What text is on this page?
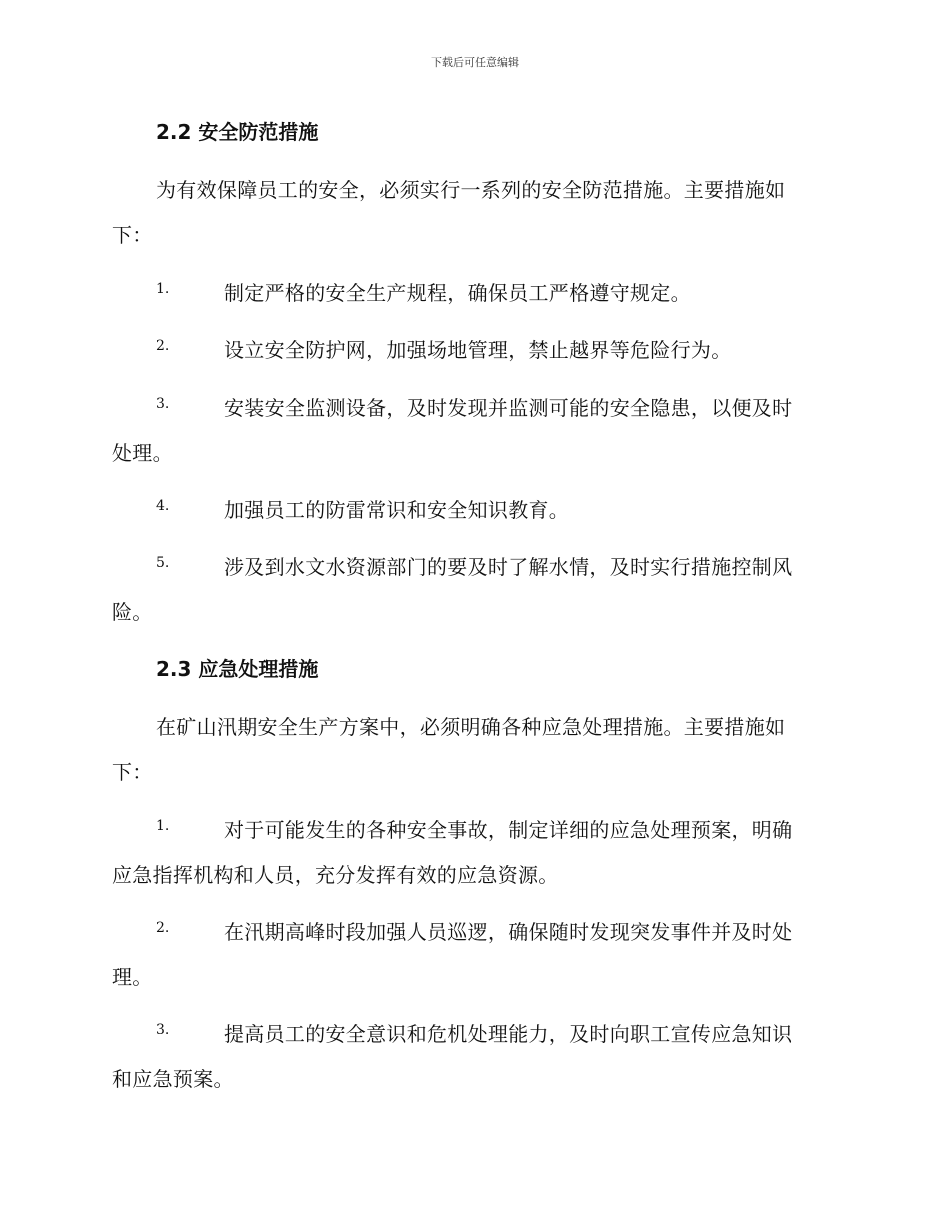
下载后可任意编辑
2.2 安全防范措施
为有效保障员工的安全，必须实行一系列的安全防范措施。主要措施如
下：
1.	制定严格的安全生产规程，确保员工严格遵守规定。
2.	设立安全防护网，加强场地管理，禁止越界等危险行为。
3.	安装安全监测设备，及时发现并监测可能的安全隐患，以便及时
处理。
4.	加强员工的防雷常识和安全知识教育。
5.	涉及到水文水资源部门的要及时了解水情，及时实行措施控制风
险。
2.3 应急处理措施
在矿山汛期安全生产方案中，必须明确各种应急处理措施。主要措施如
下：
1.	对于可能发生的各种安全事故，制定详细的应急处理预案，明确
应急指挥机构和人员，充分发挥有效的应急资源。
2.	在汛期高峰时段加强人员巡逻，确保随时发现突发事件并及时处
理。
3.	提高员工的安全意识和危机处理能力，及时向职工宣传应急知识
和应急预案。
